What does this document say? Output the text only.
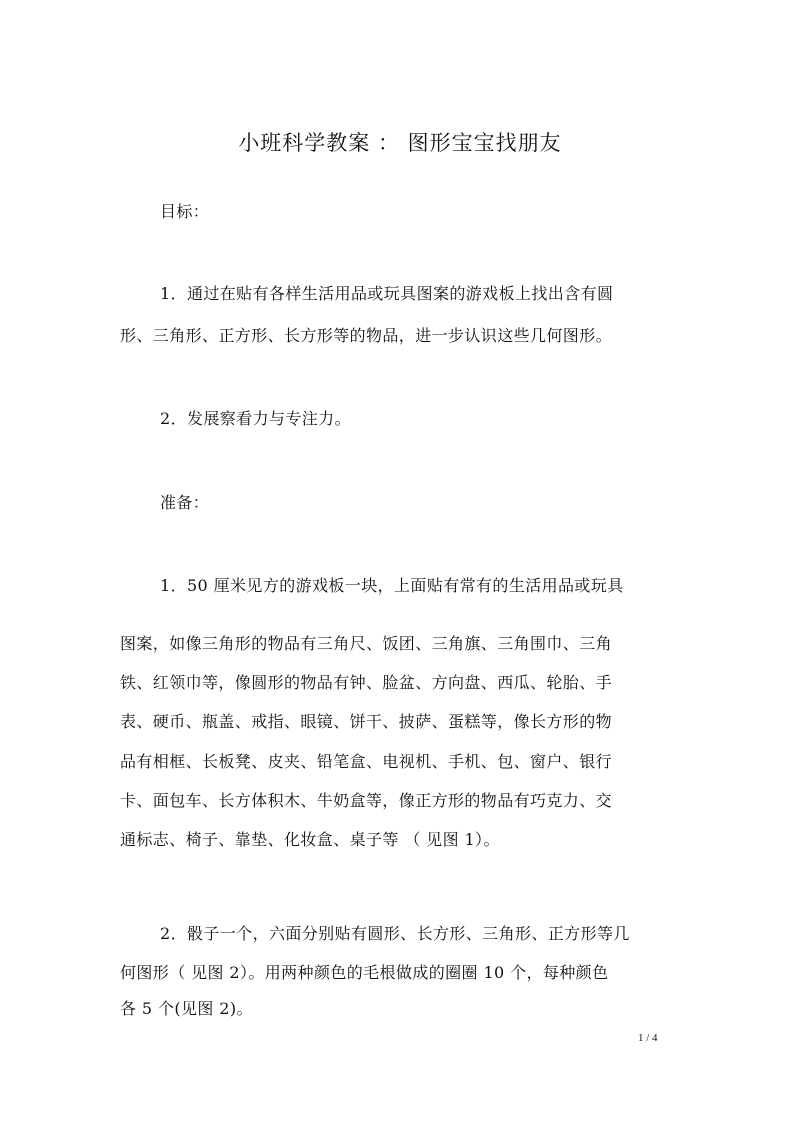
小班科学教案 ： 图形宝宝找朋友
目标：
1．通过在贴有各样生活用品或玩具图案的游戏板上找出含有圆
形、三角形、正方形、长方形等的物品，进一步认识这些几何图形。
2．发展察看力与专注力。
准备：
1．50 厘米见方的游戏板一块，上面贴有常有的生活用品或玩具
图案，如像三角形的物品有三角尺、饭团、三角旗、三角围巾、三角
铁、红领巾等，像圆形的物品有钟、脸盆、方向盘、西瓜、轮胎、手
表、硬币、瓶盖、戒指、眼镜、饼干、披萨、蛋糕等，像长方形的物
品有相框、长板凳、皮夹、铅笔盒、电视机、手机、包、窗户、银行
卡、面包车、长方体积木、牛奶盒等，像正方形的物品有巧克力、交
通标志、椅子、靠垫、化妆盒、桌子等 （ 见图 1）。
2．骰子一个，六面分别贴有圆形、长方形、三角形、正方形等几
何图形（ 见图 2）。用两种颜色的毛根做成的圈圈 10 个，每种颜色
各 5 个(见图 2)。
1 / 4
